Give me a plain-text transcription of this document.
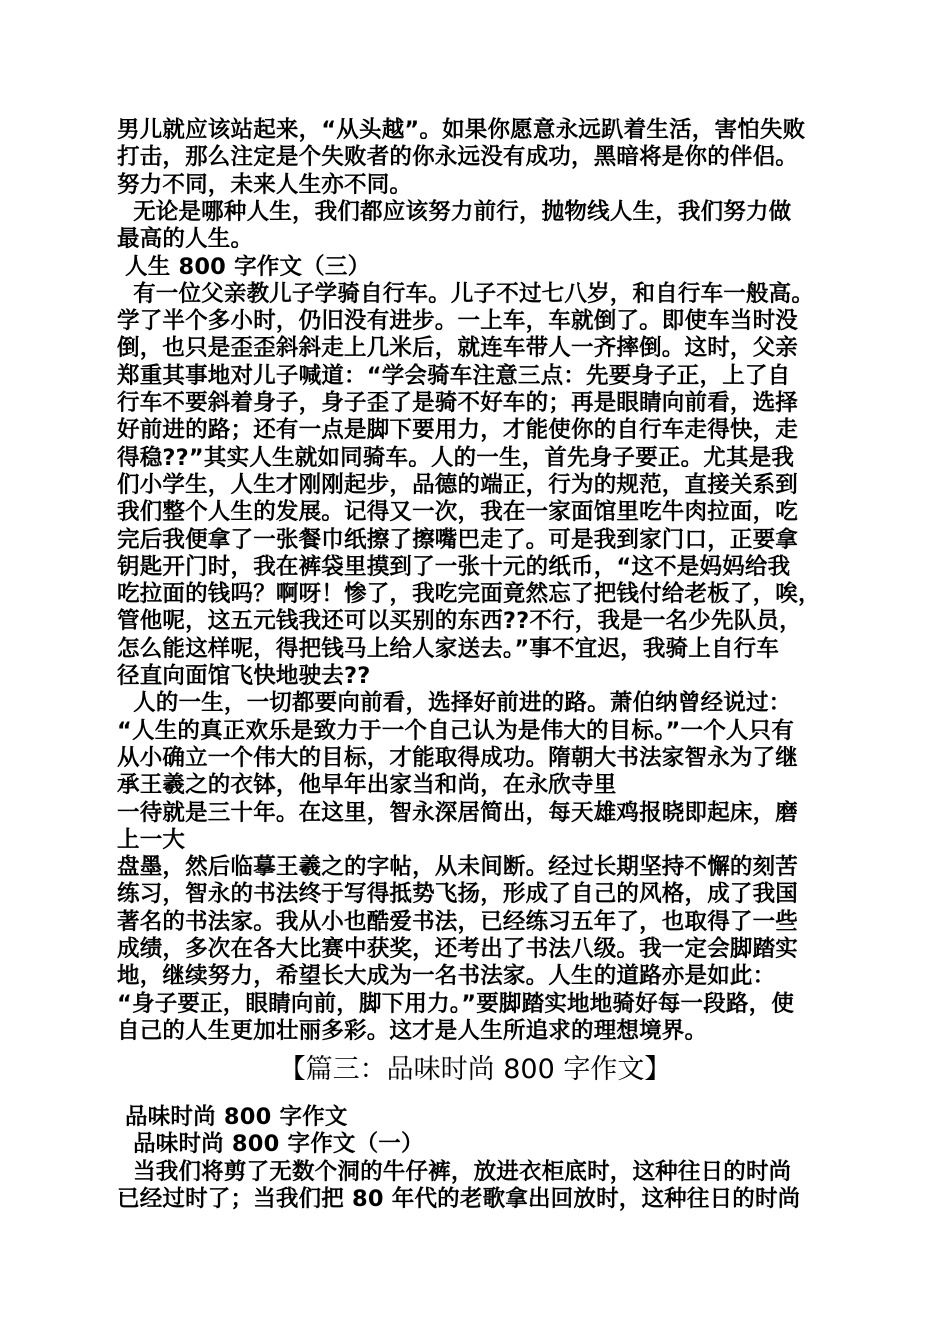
男儿就应该站起来，“从头越”。如果你愿意永远趴着生活，害怕失败
打击，那么注定是个失败者的你永远没有成功，黑暗将是你的伴侣。
努力不同，未来人生亦不同。
无论是哪种人生，我们都应该努力前行，抛物线人生，我们努力做
最高的人生。
人生 800 字作文（三）
有一位父亲教儿子学骑自行车。儿子不过七八岁，和自行车一般高。
学了半个多小时，仍旧没有进步。一上车，车就倒了。即使车当时没
倒，也只是歪歪斜斜走上几米后，就连车带人一齐摔倒。这时，父亲
郑重其事地对儿子喊道：“学会骑车注意三点：先要身子正，上了自
行车不要斜着身子，身子歪了是骑不好车的；再是眼睛向前看，选择
好前进的路；还有一点是脚下要用力，才能使你的自行车走得快，走
得稳??”其实人生就如同骑车。人的一生，首先身子要正。尤其是我
们小学生，人生才刚刚起步，品德的端正，行为的规范，直接关系到
我们整个人生的发展。记得又一次，我在一家面馆里吃牛肉拉面，吃
完后我便拿了一张餐巾纸擦了擦嘴巴走了。可是我到家门口，正要拿
钥匙开门时，我在裤袋里摸到了一张十元的纸币，“这不是妈妈给我
吃拉面的钱吗？啊呀！惨了，我吃完面竟然忘了把钱付给老板了，唉，
管他呢，这五元钱我还可以买别的东西??不行，我是一名少先队员，
怎么能这样呢，得把钱马上给人家送去。”事不宜迟，我骑上自行车
径直向面馆飞快地驶去??
人的一生，一切都要向前看，选择好前进的路。萧伯纳曾经说过：
“人生的真正欢乐是致力于一个自己认为是伟大的目标。”一个人只有
从小确立一个伟大的目标，才能取得成功。隋朝大书法家智永为了继
承王羲之的衣钵，他早年出家当和尚，在永欣寺里
一待就是三十年。在这里，智永深居简出，每天雄鸡报晓即起床，磨
上一大
盘墨，然后临摹王羲之的字帖，从未间断。经过长期坚持不懈的刻苦
练习，智永的书法终于写得抵势飞扬，形成了自己的风格，成了我国
著名的书法家。我从小也酷爱书法，已经练习五年了，也取得了一些
成绩，多次在各大比赛中获奖，还考出了书法八级。我一定会脚踏实
地，继续努力，希望长大成为一名书法家。人生的道路亦是如此：
“身子要正，眼睛向前，脚下用力。”要脚踏实地地骑好每一段路，使
自己的人生更加壮丽多彩。这才是人生所追求的理想境界。
【篇三：品味时尚 800 字作文】
品味时尚 800 字作文
品味时尚 800 字作文（一）
当我们将剪了无数个洞的牛仔裤，放进衣柜底时，这种往日的时尚
已经过时了；当我们把 80 年代的老歌拿出回放时，这种往日的时尚
